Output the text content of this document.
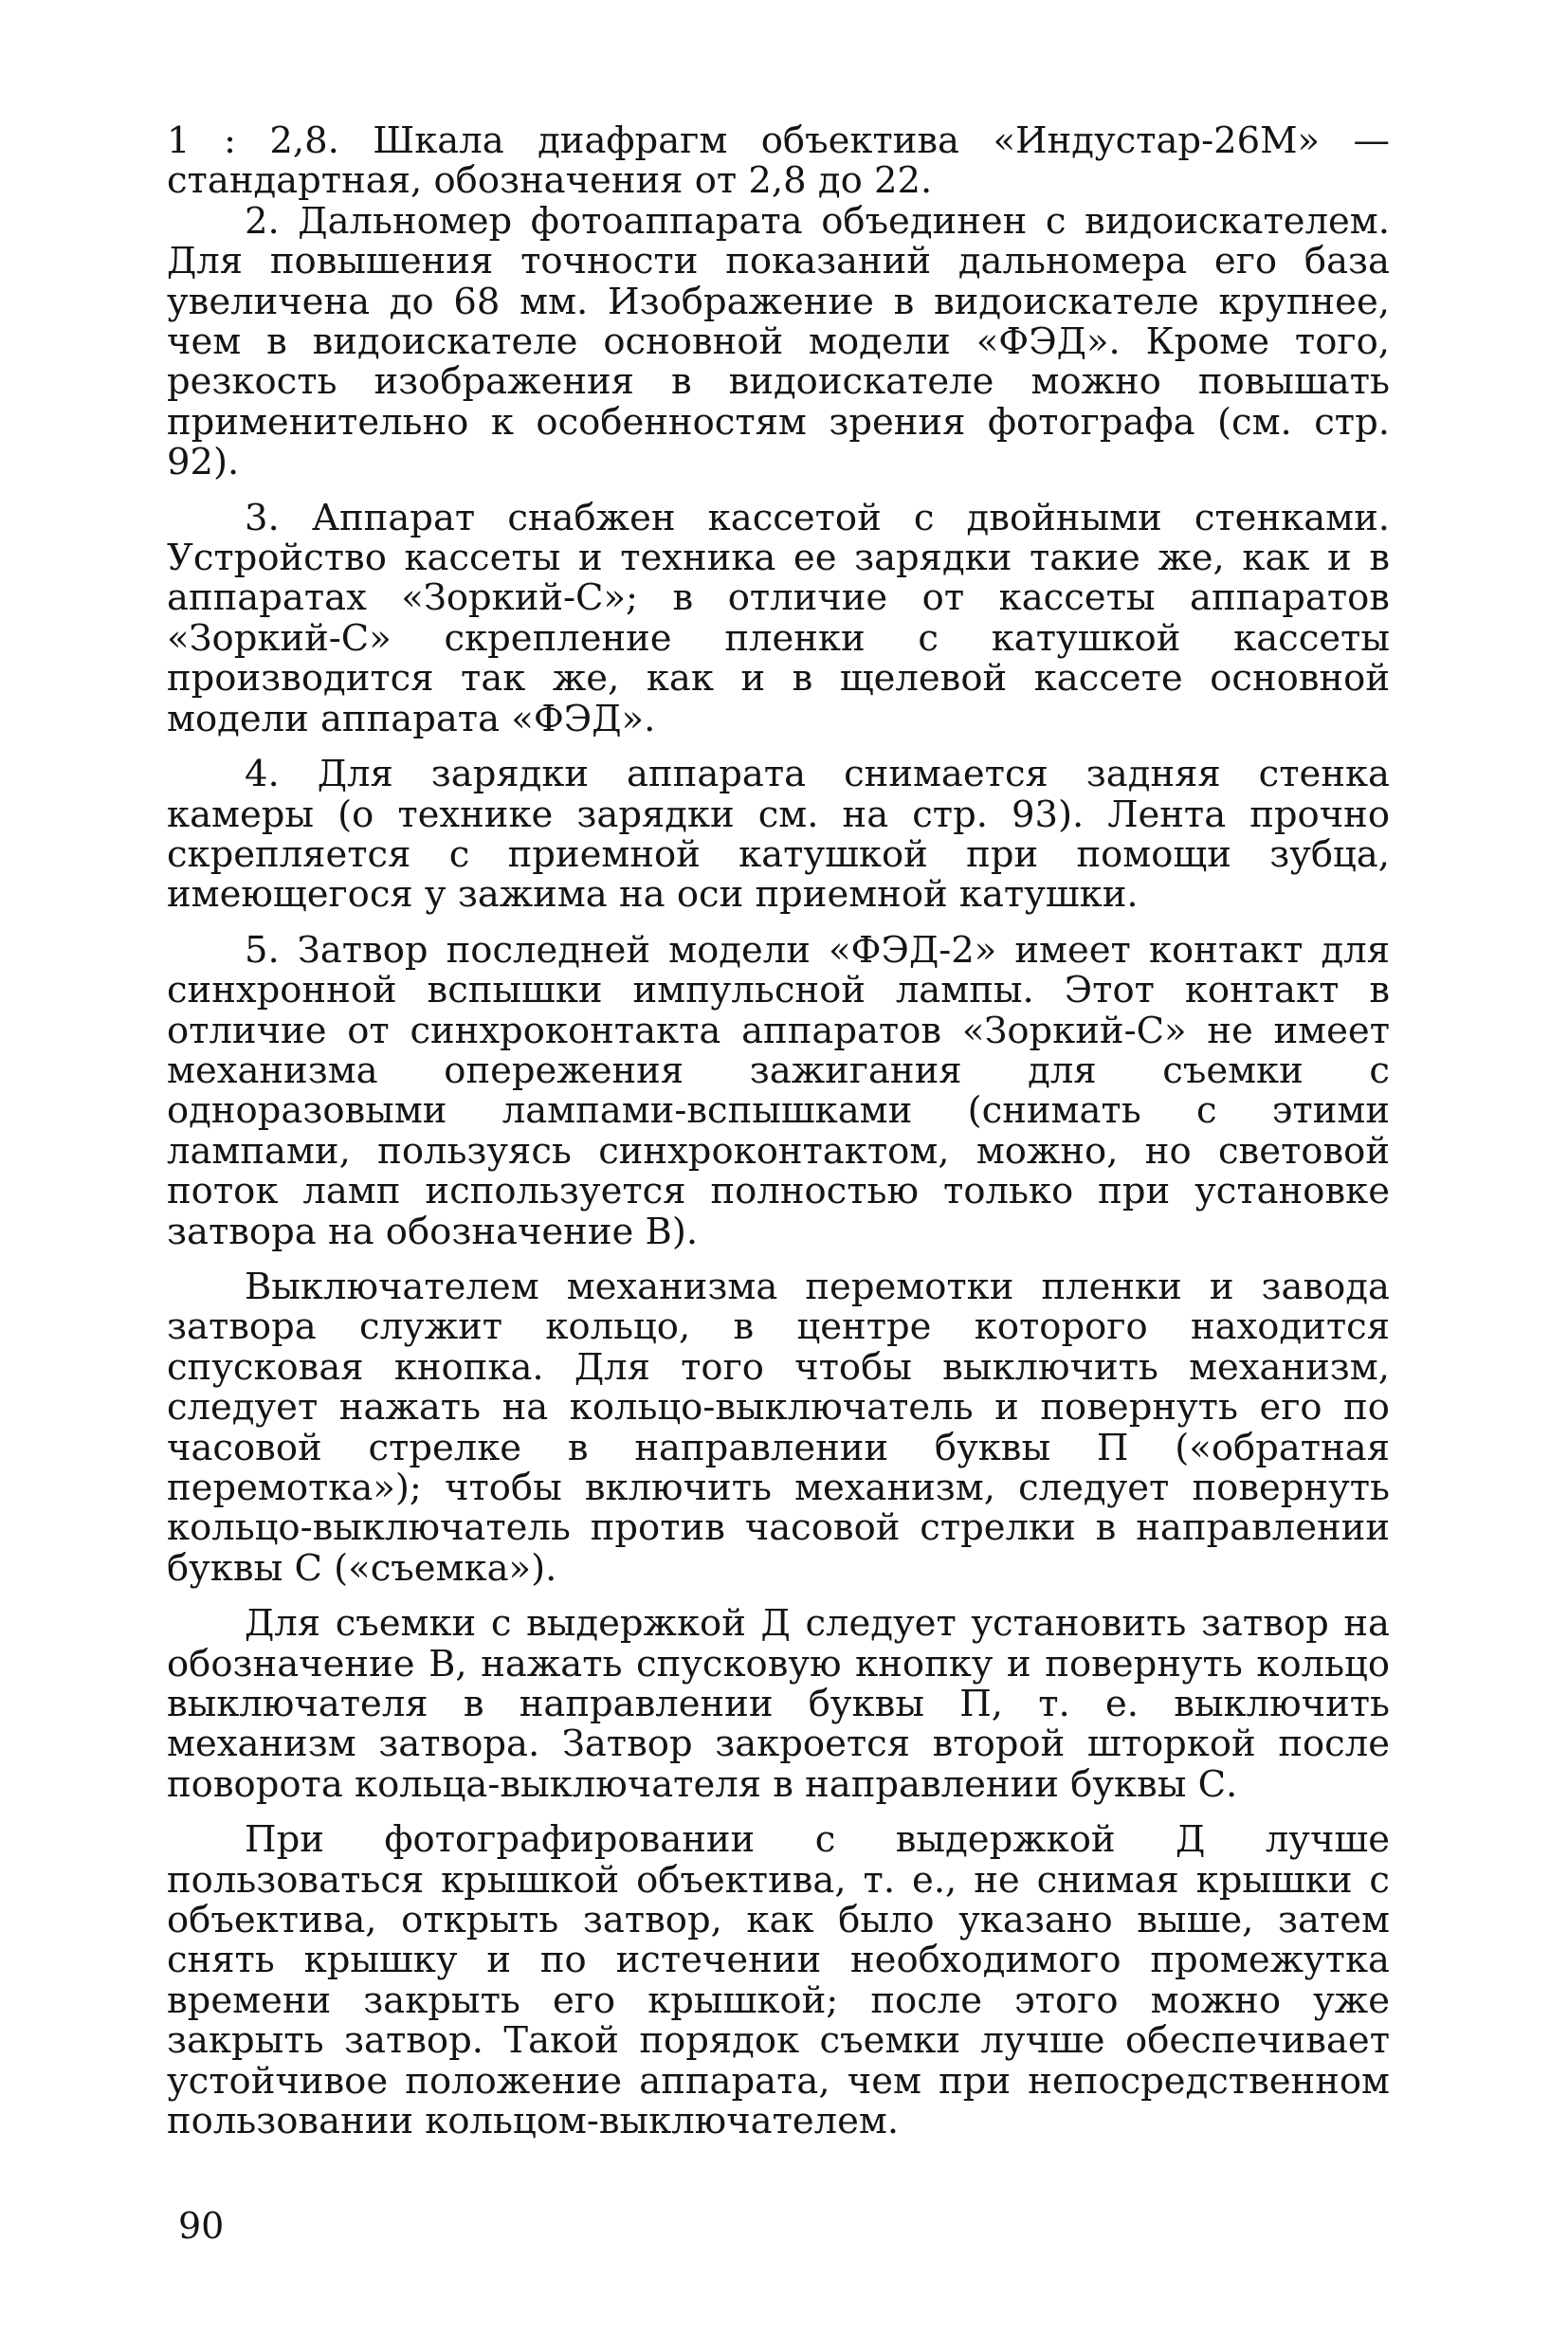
1 : 2,8. Шкала диафрагм объектива «Индустар-26М» — стандартная, обозначения от 2,8 до 22.

2. Дальномер фотоаппарата объединен с видоискателем. Для повышения точности показаний дальномера его база увеличена до 68 мм. Изображение в видоискателе крупнее, чем в видоискателе основной модели «ФЭД». Кроме того, резкость изображения в видоискателе можно повышать применительно к особенностям зрения фотографа (см. стр. 92).

3. Аппарат снабжен кассетой с двойными стенками. Устройство кассеты и техника ее зарядки такие же, как и в аппаратах «Зоркий-С»; в отличие от кассеты аппаратов «Зоркий-С» скрепление пленки с катушкой кассеты производится так же, как и в щелевой кассете основной модели аппарата «ФЭД».

4. Для зарядки аппарата снимается задняя стенка камеры (о технике зарядки см. на стр. 93). Лента прочно скрепляется с приемной катушкой при помощи зубца, имеющегося у зажима на оси приемной катушки.

5. Затвор последней модели «ФЭД-2» имеет контакт для синхронной вспышки импульсной лампы. Этот контакт в отличие от синхроконтакта аппаратов «Зоркий-С» не имеет механизма опережения зажигания для съемки с одноразовыми лампами-вспышками (снимать с этими лампами, пользуясь синхроконтактом, можно, но световой поток ламп используется полностью только при установке затвора на обозначение В).

Выключателем механизма перемотки пленки и завода затвора служит кольцо, в центре которого находится спусковая кнопка. Для того чтобы выключить механизм, следует нажать на кольцо-выключатель и повернуть его по часовой стрелке в направлении буквы П («обратная перемотка»); чтобы включить механизм, следует повернуть кольцо-выключатель против часовой стрелки в направлении буквы С («съемка»).

Для съемки с выдержкой Д следует установить затвор на обозначение В, нажать спусковую кнопку и повернуть кольцо выключателя в направлении буквы П, т. е. выключить механизм затвора. Затвор закроется второй шторкой после поворота кольца-выключателя в направлении буквы С.

При фотографировании с выдержкой Д лучше пользоваться крышкой объектива, т. е., не снимая крышки с объектива, открыть затвор, как было указано выше, затем снять крышку и по истечении необходимого промежутка времени закрыть его крышкой; после этого можно уже закрыть затвор. Такой порядок съемки лучше обеспечивает устойчивое положение аппарата, чем при непосредственном пользовании кольцом-выключателем.

90
